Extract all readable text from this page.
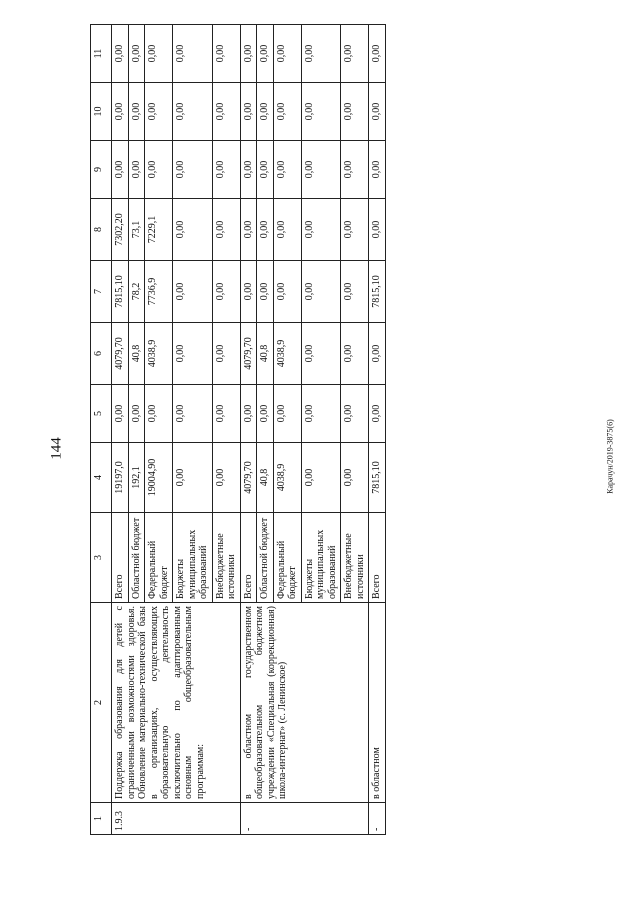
144	Карачун/2019-3875(6)
1	2	3	4	5	6	7	8	9	10	11
1.9.3	Поддержка образования для детей с ограниченными возможностями здоровья. Обновление материально-технической базы в организациях, осуществляющих образовательную деятельность исключительно по адаптированным основным общеобразовательным программам:	Всего	19197,0	0,00	4079,70	7815,10	7302,20	0,00	0,00	0,00
		Областной бюджет	192,1	0,00	40,8	78,2	73,1	0,00	0,00	0,00
		Федеральный бюджет	19004,90	0,00	4038,9	7736,9	7229,1	0,00	0,00	0,00
		Бюджеты муниципальных образований	0,00	0,00	0,00	0,00	0,00	0,00	0,00	0,00
		Внебюджетные источники	0,00	0,00	0,00	0,00	0,00	0,00	0,00	0,00
-	в областном государственном общеобразовательном бюджетном учреждении «Специальная (коррекционная) школа-интернат» (с. Ленинское)	Всего	4079,70	0,00	4079,70	0,00	0,00	0,00	0,00	0,00
		Областной бюджет	40,8	0,00	40,8	0,00	0,00	0,00	0,00	0,00
		Федеральный бюджет	4038,9	0,00	4038,9	0,00	0,00	0,00	0,00	0,00
		Бюджеты муниципальных образований	0,00	0,00	0,00	0,00	0,00	0,00	0,00	0,00
		Внебюджетные источники	0,00	0,00	0,00	0,00	0,00	0,00	0,00	0,00
-	в областном	Всего	7815,10	0,00	0,00	7815,10	0,00	0,00	0,00	0,00
